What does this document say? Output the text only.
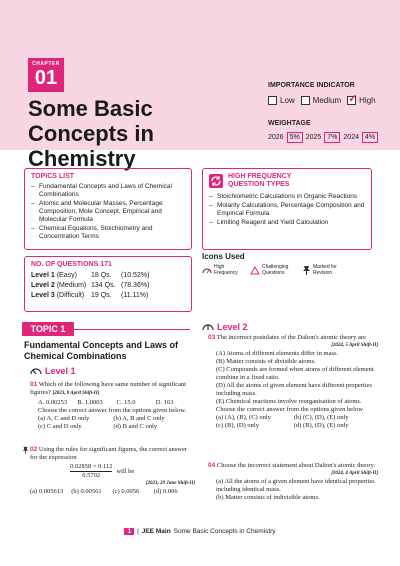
CHAPTER
01
Some Basic Concepts in Chemistry
IMPORTANCE INDICATOR
Low Medium
✓ High
WEIGHTAGE
2026 5% 2025 7% 2024 4%
TOPICS LIST
– Fundamental Concepts and Laws of Chemical Combinations
– Atomic and Molecular Masses, Percentage Composition, Mole Concept, Empirical and Molecular Formula
– Chemical Equations, Stoichiometry and Concentration Terms
NO. OF QUESTIONS 171
Level 1 (Easy)	18 Qs.	(10.52%)
Level 2 (Medium) 134 Qs. (78.36%)
Level 3 (Difficult) 19 Qs.	(11.11%)
HIGH FREQUENCY
QUESTION TYPES
– Stoichiometric Calculations in Organic Reactions
– Molarity Calculations, Percentage Composition and Empirical Formula
– Limiting Reagent and Yield Calculation
Icons Used
High Frequency
Challenging Questions
Marked for Revision
TOPIC 1
Fundamental Concepts and Laws of Chemical Combinations
Level 1
01 Which of the following have same number of significant figures? [2023, 8 April Shift-II]
A. 0.00253	B. 1.0003	C. 15.0	D. 163
Choose the correct answer from the options given below.
(a) A, C and D only	(b) A, B and C only
(c) C and D only	(d) B and C only
02 Using the rules for significant figures, the correct answer for the expression
$\frac{0.02858 \times 0.112}{0.5702}$ will be
[2023, 29 June Shift-II]
(a) 0.005613	(b) 0.00561	(c) 0.0056	(d) 0.006
Level 2
03 The incorrect postulates of the Dalton's atomic theory are
[2024, 5 April Shift-II]
(A) Atoms of different elements differ in mass.
(B) Matter consists of divisible atoms.
(C) Compounds are formed when atoms of different element combine in a fixed ratio.
(D) All the atoms of given element have different properties including mass.
(E) Chemical reactions involve reorganisation of atoms.
Choose the correct answer from the options given below
(a) (A), (B), (C) only	(b) (C), (D), (E) only
(c) (B), (D) only	(d) (B), (D), (E) only
04 Choose the incorrect statement about Dalton's atomic theory.
[2024, 4 April Shift-II]
(a) All the atoms of a given element have identical properties including identical mass.
(b) Matter consists of indivisible atoms.
1 | JEE Main Some Basic Concepts in Chemistry
